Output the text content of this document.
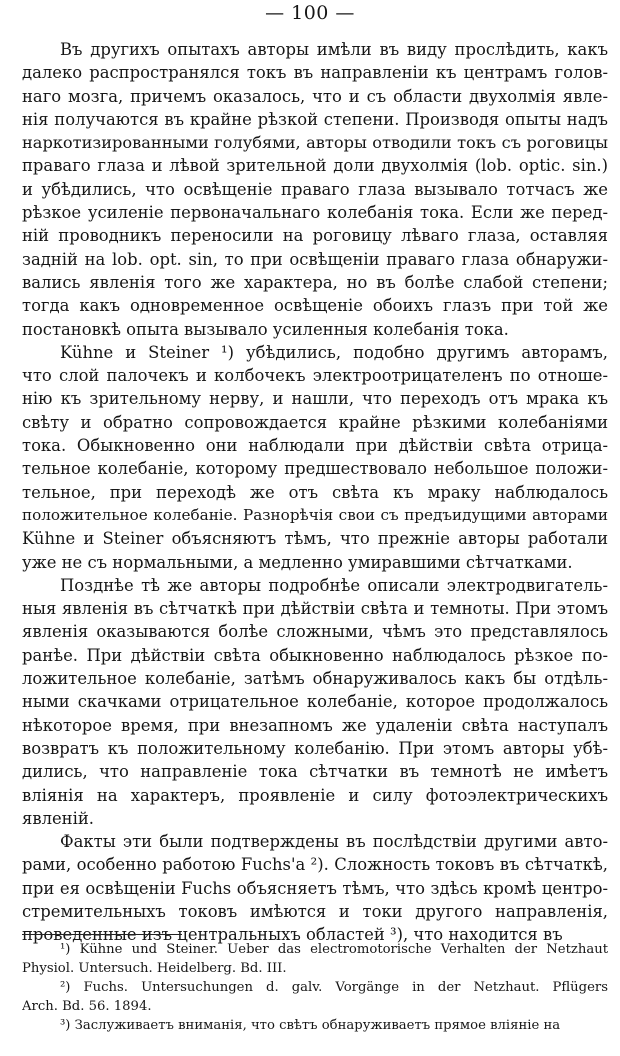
— 100 —
Въ другихъ опытахъ авторы имѣли въ виду прослѣдить, какъ
далеко распространялся токъ въ направленіи къ центрамъ голов-
наго мозга, причемъ оказалось, что и съ области двухолмія явле-
нія получаются въ крайне рѣзкой степени. Производя опыты надъ
наркотизированными голубями, авторы отводили токъ съ роговицы
праваго глаза и лѣвой зрительной доли двухолмія (lob. optic. sin.)
и убѣдились, что освѣщеніе праваго глаза вызывало тотчасъ же
рѣзкое усиленіе первоначальнаго колебанія тока. Если же перед-
ній проводникъ переносили на роговицу лѣваго глаза, оставляя
задній на lob. opt. sin, то при освѣщеніи праваго глаза обнаружи-
вались явленія того же характера, но въ болѣе слабой степени;
тогда какъ одновременное освѣщеніе обоихъ глазъ при той же
постановкѣ опыта вызывало усиленныя колебанія тока.
Kühne и Steiner ¹) убѣдились, подобно другимъ авторамъ,
что слой палочекъ и колбочекъ электроотрицателенъ по отноше-
нію къ зрительному нерву, и нашли, что переходъ отъ мрака къ
свѣту и обратно сопровождается крайне рѣзкими колебаніями
тока. Обыкновенно они наблюдали при дѣйствіи свѣта отрица-
тельное колебаніе, которому предшествовало небольшое положи-
тельное, при переходѣ же отъ свѣта къ мраку наблюдалось
положительное колебаніе. Разнорѣчія свои съ предъидущими авторами
Kühne и Steiner объясняютъ тѣмъ, что прежніе авторы работали
уже не съ нормальными, а медленно умиравшими сѣтчатками.
Позднѣе тѣ же авторы подробнѣе описали электродвигатель-
ныя явленія въ сѣтчаткѣ при дѣйствіи свѣта и темноты. При этомъ
явленія оказываются болѣе сложными, чѣмъ это представлялось
ранѣе. При дѣйствіи свѣта обыкновенно наблюдалось рѣзкое по-
ложительное колебаніе, затѣмъ обнаруживалось какъ бы отдѣль-
ными скачками отрицательное колебаніе, которое продолжалось
нѣкоторое время, при внезапномъ же удаленіи свѣта наступалъ
возвратъ къ положительному колебанію. При этомъ авторы убѣ-
дились, что направленіе тока сѣтчатки въ темнотѣ не имѣетъ
вліянія на характеръ, проявленіе и силу фотоэлектрическихъ
явленій.
Факты эти были подтверждены въ послѣдствіи другими авто-
рами, особенно работою Fuchs'a ²). Сложность токовъ въ сѣтчаткѣ,
при ея освѣщеніи Fuchs объясняетъ тѣмъ, что здѣсь кромѣ центро-
стремительныхъ токовъ имѣются и токи другого направленія,
проведенные изъ центральныхъ областей ³), что находится въ
¹) Kühne und Steiner. Ueber das electromotorische Verhalten der Netzhaut
Physiol. Untersuch. Heidelberg. Bd. III.
²) Fuchs. Untersuchungen d. galv. Vorgänge in der Netzhaut. Pflügers
Arch. Bd. 56. 1894.
³) Заслуживаетъ вниманія, что свѣтъ обнаруживаетъ прямое вліяніе на
